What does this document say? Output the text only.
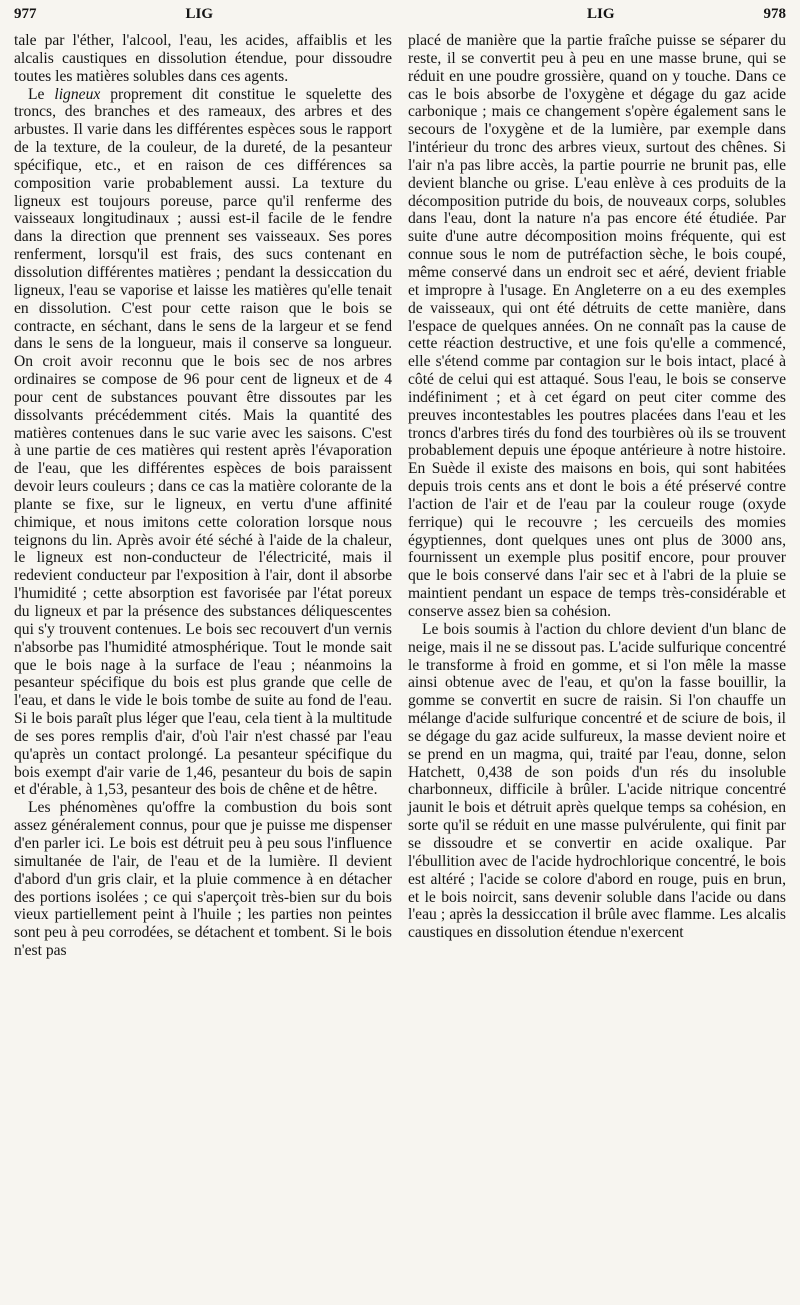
977	LIG	LIG	978

tale par l'éther, l'alcool, l'eau, les acides, affaiblis et les alcalis caustiques en dissolution étendue, pour dissoudre toutes les matières solubles dans ces agents.

Le ligneux proprement dit constitue le squelette des troncs, des branches et des rameaux, des arbres et des arbustes. Il varie dans les différentes espèces sous le rapport de la texture, de la couleur, de la dureté, de la pesanteur spécifique, etc., et en raison de ces différences sa composition varie probablement aussi. La texture du ligneux est toujours poreuse, parce qu'il renferme des vaisseaux longitudinaux ; aussi est-il facile de le fendre dans la direction que prennent ses vaisseaux. Ses pores renferment, lorsqu'il est frais, des sucs contenant en dissolution différentes matières ; pendant la dessiccation du ligneux, l'eau se vaporise et laisse les matières qu'elle tenait en dissolution. C'est pour cette raison que le bois se contracte, en séchant, dans le sens de la largeur et se fend dans le sens de la longueur, mais il conserve sa longueur. On croit avoir reconnu que le bois sec de nos arbres ordinaires se compose de 96 pour cent de ligneux et de 4 pour cent de substances pouvant être dissoutes par les dissolvants précédemment cités. Mais la quantité des matières contenues dans le suc varie avec les saisons. C'est à une partie de ces matières qui restent après l'évaporation de l'eau, que les différentes espèces de bois paraissent devoir leurs couleurs ; dans ce cas la matière colorante de la plante se fixe, sur le ligneux, en vertu d'une affinité chimique, et nous imitons cette coloration lorsque nous teignons du lin. Après avoir été séché à l'aide de la chaleur, le ligneux est non-conducteur de l'électricité, mais il redevient conducteur par l'exposition à l'air, dont il absorbe l'humidité ; cette absorption est favorisée par l'état poreux du ligneux et par la présence des substances déliquescentes qui s'y trouvent contenues. Le bois sec recouvert d'un vernis n'absorbe pas l'humidité atmosphérique. Tout le monde sait que le bois nage à la surface de l'eau ; néanmoins la pesanteur spécifique du bois est plus grande que celle de l'eau, et dans le vide le bois tombe de suite au fond de l'eau. Si le bois paraît plus léger que l'eau, cela tient à la multitude de ses pores remplis d'air, d'où l'air n'est chassé par l'eau qu'après un contact prolongé. La pesanteur spécifique du bois exempt d'air varie de 1,46, pesanteur du bois de sapin et d'érable, à 1,53, pesanteur des bois de chêne et de hêtre.

Les phénomènes qu'offre la combustion du bois sont assez généralement connus, pour que je puisse me dispenser d'en parler ici. Le bois est détruit peu à peu sous l'influence simultanée de l'air, de l'eau et de la lumière. Il devient d'abord d'un gris clair, et la pluie commence à en détacher des portions isolées ; ce qui s'aperçoit très-bien sur du bois vieux partiellement peint à l'huile ; les parties non peintes sont peu à peu corrodées, se détachent et tombent. Si le bois n'est pas

placé de manière que la partie fraîche puisse se séparer du reste, il se convertit peu à peu en une masse brune, qui se réduit en une poudre grossière, quand on y touche. Dans ce cas le bois absorbe de l'oxygène et dégage du gaz acide carbonique ; mais ce changement s'opère également sans le secours de l'oxygène et de la lumière, par exemple dans l'intérieur du tronc des arbres vieux, surtout des chênes. Si l'air n'a pas libre accès, la partie pourrie ne brunit pas, elle devient blanche ou grise. L'eau enlève à ces produits de la décomposition putride du bois, de nouveaux corps, solubles dans l'eau, dont la nature n'a pas encore été étudiée. Par suite d'une autre décomposition moins fréquente, qui est connue sous le nom de putréfaction sèche, le bois coupé, même conservé dans un endroit sec et aéré, devient friable et impropre à l'usage. En Angleterre on a eu des exemples de vaisseaux, qui ont été détruits de cette manière, dans l'espace de quelques années. On ne connaît pas la cause de cette réaction destructive, et une fois qu'elle a commencé, elle s'étend comme par contagion sur le bois intact, placé à côté de celui qui est attaqué. Sous l'eau, le bois se conserve indéfiniment ; et à cet égard on peut citer comme des preuves incontestables les poutres placées dans l'eau et les troncs d'arbres tirés du fond des tourbières où ils se trouvent probablement depuis une époque antérieure à notre histoire. En Suède il existe des maisons en bois, qui sont habitées depuis trois cents ans et dont le bois a été préservé contre l'action de l'air et de l'eau par la couleur rouge (oxyde ferrique) qui le recouvre ; les cercueils des momies égyptiennes, dont quelques unes ont plus de 3000 ans, fournissent un exemple plus positif encore, pour prouver que le bois conservé dans l'air sec et à l'abri de la pluie se maintient pendant un espace de temps très-considérable et conserve assez bien sa cohésion.

Le bois soumis à l'action du chlore devient d'un blanc de neige, mais il ne se dissout pas. L'acide sulfurique concentré le transforme à froid en gomme, et si l'on mêle la masse ainsi obtenue avec de l'eau, et qu'on la fasse bouillir, la gomme se convertit en sucre de raisin. Si l'on chauffe un mélange d'acide sulfurique concentré et de sciure de bois, il se dégage du gaz acide sulfureux, la masse devient noire et se prend en un magma, qui, traité par l'eau, donne, selon Hatchett, 0,438 de son poids d'un rés du insoluble charbonneux, difficile à brûler. L'acide nitrique concentré jaunit le bois et détruit après quelque temps sa cohésion, en sorte qu'il se réduit en une masse pulvérulente, qui finit par se dissoudre et se convertir en acide oxalique. Par l'ébullition avec de l'acide hydrochlorique concentré, le bois est altéré ; l'acide se colore d'abord en rouge, puis en brun, et le bois noircit, sans devenir soluble dans l'acide ou dans l'eau ; après la dessiccation il brûle avec flamme. Les alcalis caustiques en dissolution étendue n'exercent
